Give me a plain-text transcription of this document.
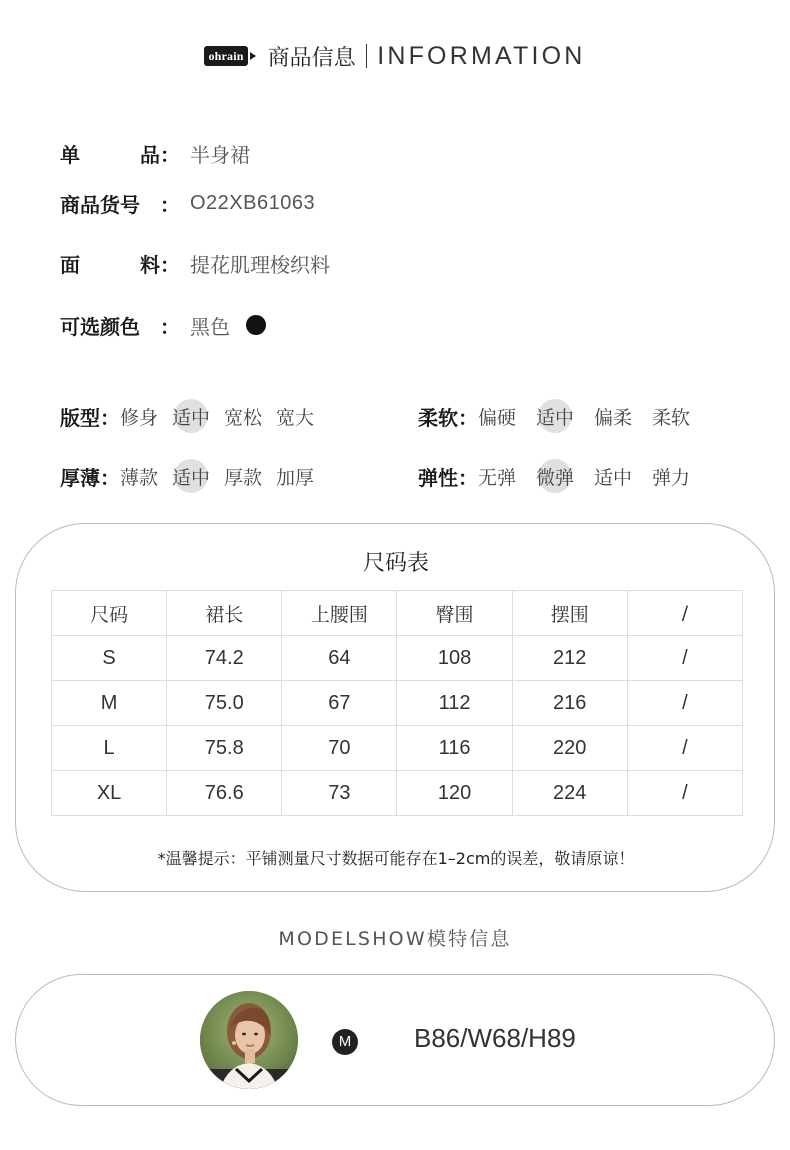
ohrain 商品信息 INFORMATION
单	品 ： 半身裙
商品货号	： O22XB61063
面	料 ： 提花肌理梭织料
可选颜色	： 黑色
版型： 修身 适中 宽松 宽大	柔软： 偏硬 适中 偏柔 柔软
厚薄： 薄款 适中 厚款 加厚	弹性： 无弹 微弹 适中 弹力
尺码表
尺码	裙长	上腰围	臀围	摆围	/
S	74.2	64	108	212	/
M	75.0	67	112	216	/
L	75.8	70	116	220	/
XL	76.6	73	120	224	/
*温馨提示：平铺测量尺寸数据可能存在1–2cm的误差，敬请原谅！
MODELSHOW模特信息
M B86/W68/H89
